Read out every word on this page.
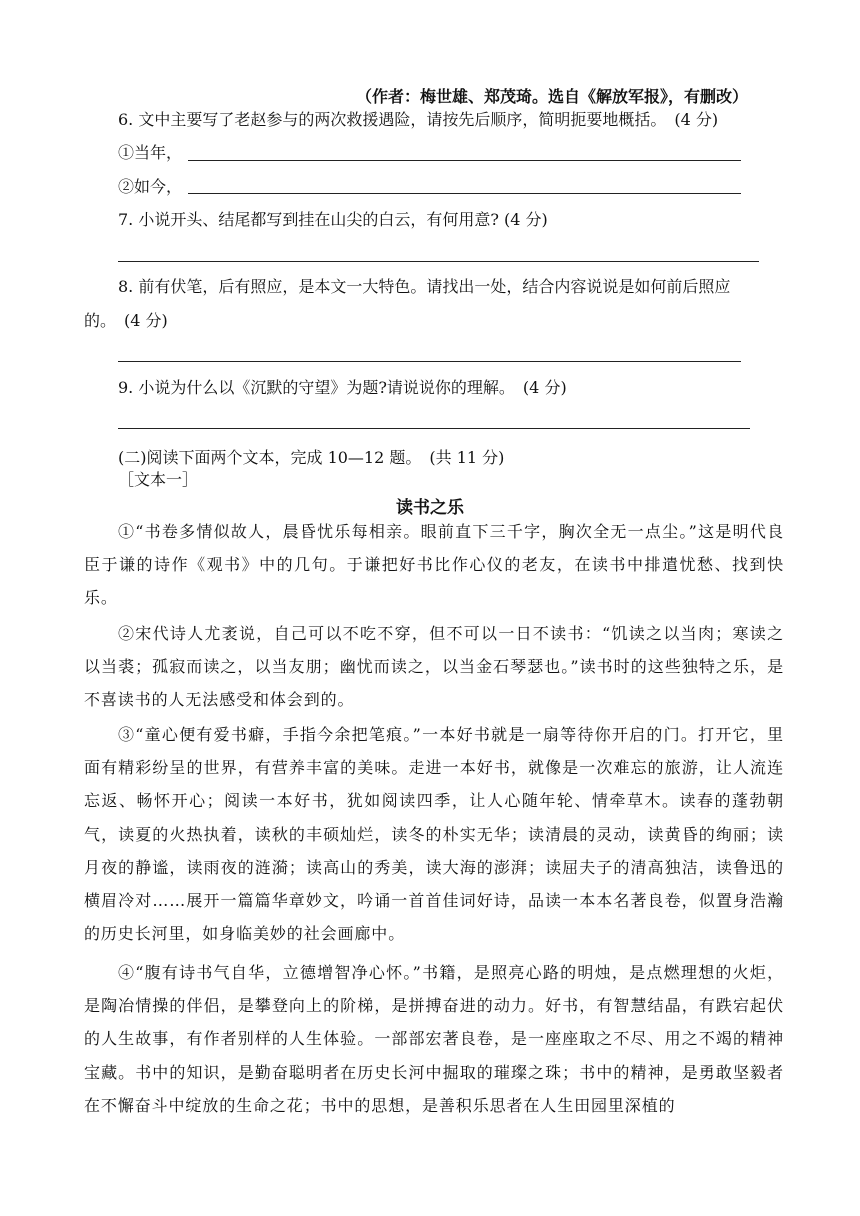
（作者：梅世雄、郑茂琦。选自《解放军报》，有删改）
6. 文中主要写了老赵参与的两次救援遇险，请按先后顺序，简明扼要地概括。　(4 分)
①当年，
②如今，
7. 小说开头、结尾都写到挂在山尖的白云，有何用意? (4 分)
8. 前有伏笔，后有照应，是本文一大特色。请找出一处，结合内容说说是如何前后照应
的。　(4 分)
9. 小说为什么以《沉默的守望》为题?请说说你的理解。　(4 分)
(二)阅读下面两个文本，完成 10—12 题。　(共 11 分)
［文本一］
读书之乐
①“书卷多情似故人，晨昏忧乐每相亲。眼前直下三千字，胸次全无一点尘。”这是明代良臣于谦的诗作《观书》中的几句。于谦把好书比作心仪的老友，在读书中排遣忧愁、找到快乐。
②宋代诗人尤袤说，自己可以不吃不穿，但不可以一日不读书：“饥读之以当肉；寒读之以当裘；孤寂而读之，以当友朋；幽忧而读之，以当金石琴瑟也。”读书时的这些独特之乐，是不喜读书的人无法感受和体会到的。
③“童心便有爱书癖，手指今余把笔痕。”一本好书就是一扇等待你开启的门。打开它，里面有精彩纷呈的世界，有营养丰富的美味。走进一本好书，就像是一次难忘的旅游，让人流连忘返、畅怀开心；阅读一本好书，犹如阅读四季，让人心随年轮、情牵草木。读春的蓬勃朝气，读夏的火热执着，读秋的丰硕灿烂，读冬的朴实无华；读清晨的灵动，读黄昏的绚丽；读月夜的静谧，读雨夜的涟漪；读高山的秀美，读大海的澎湃；读屈夫子的清高独洁，读鲁迅的横眉冷对……展开一篇篇华章妙文，吟诵一首首佳词好诗，品读一本本名著良卷，似置身浩瀚的历史长河里，如身临美妙的社会画廊中。
④“腹有诗书气自华，立德增智净心怀。”书籍，是照亮心路的明烛，是点燃理想的火炬，是陶冶情操的伴侣，是攀登向上的阶梯，是拼搏奋进的动力。好书，有智慧结晶，有跌宕起伏的人生故事，有作者别样的人生体验。一部部宏著良卷，是一座座取之不尽、用之不竭的精神宝藏。书中的知识，是勤奋聪明者在历史长河中掘取的璀璨之珠；书中的精神，是勇敢坚毅者在不懈奋斗中绽放的生命之花；书中的思想，是善积乐思者在人生田园里深植的
